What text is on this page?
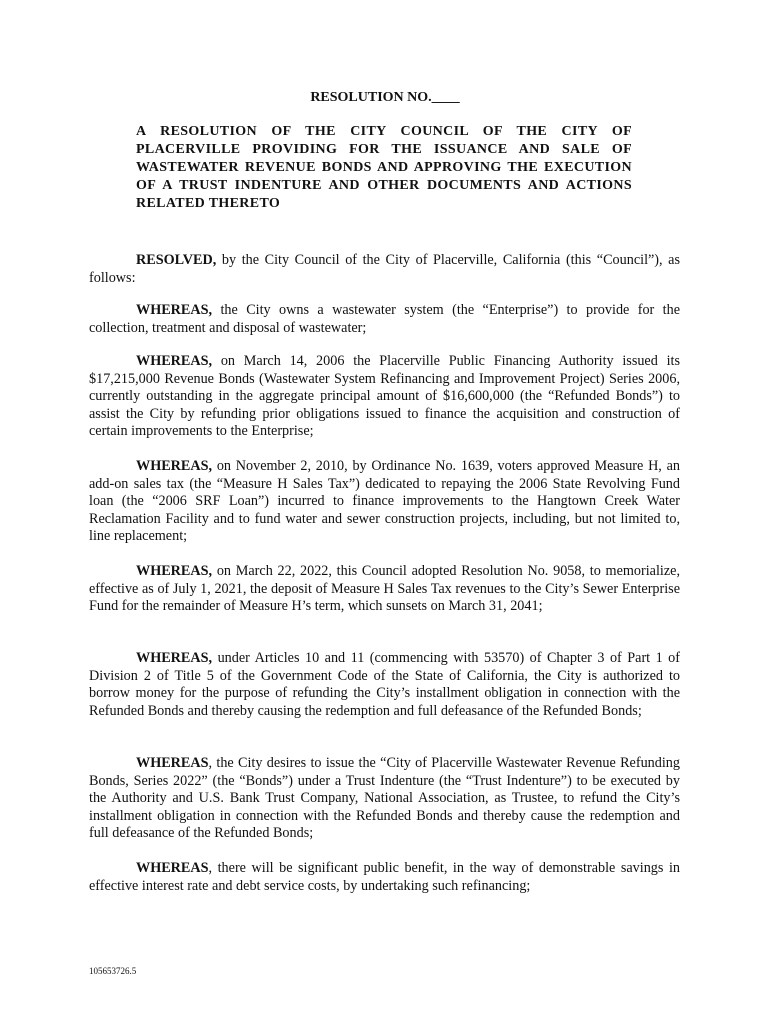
RESOLUTION NO.____
A RESOLUTION OF THE CITY COUNCIL OF THE CITY OF PLACERVILLE PROVIDING FOR THE ISSUANCE AND SALE OF WASTEWATER REVENUE BONDS AND APPROVING THE EXECUTION OF A TRUST INDENTURE AND OTHER DOCUMENTS AND ACTIONS RELATED THERETO

RESOLVED, by the City Council of the City of Placerville, California (this “Council”), as follows:

WHEREAS, the City owns a wastewater system (the “Enterprise”) to provide for the collection, treatment and disposal of wastewater;

WHEREAS, on March 14, 2006 the Placerville Public Financing Authority issued its $17,215,000 Revenue Bonds (Wastewater System Refinancing and Improvement Project) Series 2006, currently outstanding in the aggregate principal amount of $16,600,000 (the “Refunded Bonds”) to assist the City by refunding prior obligations issued to finance the acquisition and construction of certain improvements to the Enterprise;

WHEREAS, on November 2, 2010, by Ordinance No. 1639, voters approved Measure H, an add-on sales tax (the “Measure H Sales Tax”) dedicated to repaying the 2006 State Revolving Fund loan (the “2006 SRF Loan”) incurred to finance improvements to the Hangtown Creek Water Reclamation Facility and to fund water and sewer construction projects, including, but not limited to, line replacement;

WHEREAS, on March 22, 2022, this Council adopted Resolution No. 9058, to memorialize, effective as of July 1, 2021, the deposit of Measure H Sales Tax revenues to the City’s Sewer Enterprise Fund for the remainder of Measure H’s term, which sunsets on March 31, 2041;

WHEREAS, under Articles 10 and 11 (commencing with 53570) of Chapter 3 of Part 1 of Division 2 of Title 5 of the Government Code of the State of California, the City is authorized to borrow money for the purpose of refunding the City’s installment obligation in connection with the Refunded Bonds and thereby causing the redemption and full defeasance of the Refunded Bonds;

WHEREAS, the City desires to issue the “City of Placerville Wastewater Revenue Refunding Bonds, Series 2022” (the “Bonds”) under a Trust Indenture (the “Trust Indenture”) to be executed by the Authority and U.S. Bank Trust Company, National Association, as Trustee, to refund the City’s installment obligation in connection with the Refunded Bonds and thereby cause the redemption and full defeasance of the Refunded Bonds;

WHEREAS, there will be significant public benefit, in the way of demonstrable savings in effective interest rate and debt service costs, by undertaking such refinancing;

105653726.5
